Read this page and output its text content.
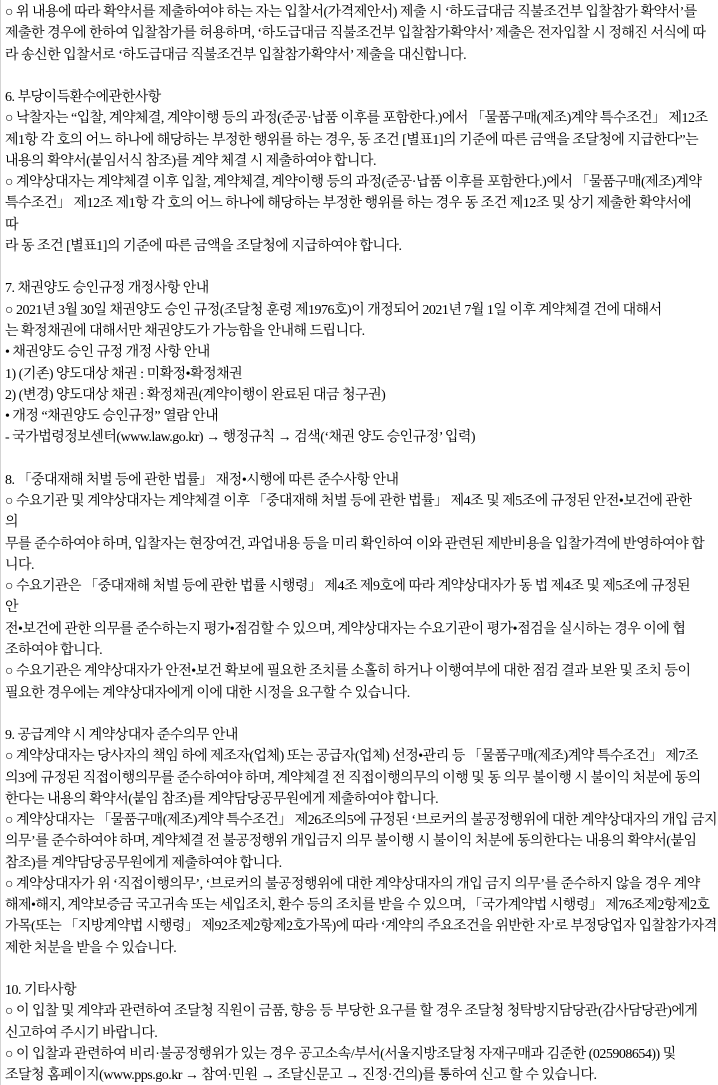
○ 위 내용에 따라 확약서를 제출하여야 하는 자는 입찰서(가격제안서) 제출 시 ‘하도급대금 직불조건부 입찰참가 확약서’를
제출한 경우에 한하여 입찰참가를 허용하며, ‘하도급대금 직불조건부 입찰참가확약서’ 제출은 전자입찰 시 정해진 서식에 따
라 송신한 입찰서로 ‘하도급대금 직불조건부 입찰참가확약서’ 제출을 대신합니다.
6. 부당이득환수에관한사항
○ 낙찰자는 “입찰, 계약체결, 계약이행 등의 과정(준공·납품 이후를 포함한다.)에서 「물품구매(제조)계약 특수조건」 제12조
제1항 각 호의 어느 하나에 해당하는 부정한 행위를 하는 경우, 동 조건 [별표1]의 기준에 따른 금액을 조달청에 지급한다”는
내용의 확약서(붙임서식 참조)를 계약 체결 시 제출하여야 합니다.
○ 계약상대자는 계약체결 이후 입찰, 계약체결, 계약이행 등의 과정(준공·납품 이후를 포함한다.)에서 「물품구매(제조)계약
특수조건」 제12조 제1항 각 호의 어느 하나에 해당하는 부정한 행위를 하는 경우 동 조건 제12조 및 상기 제출한 확약서에
따
라 동 조건 [별표1]의 기준에 따른 금액을 조달청에 지급하여야 합니다.
7. 채권양도 승인규정 개정사항 안내
○ 2021년 3월 30일 채권양도 승인 규정(조달청 훈령 제1976호)이 개정되어 2021년 7월 1일 이후 계약체결 건에 대해서
는 확정채권에 대해서만 채권양도가 가능함을 안내해 드립니다.
• 채권양도 승인 규정 개정 사항 안내
1) (기존) 양도대상 채권 : 미확정•확정채권
2) (변경) 양도대상 채권 : 확정채권(계약이행이 완료된 대금 청구권)
• 개정 “채권양도 승인규정” 열람 안내
- 국가법령정보센터(www.law.go.kr) → 행정규칙 → 검색(‘채권 양도 승인규정’ 입력)
8. 「중대재해 처벌 등에 관한 법률」 재정•시행에 따른 준수사항 안내
○ 수요기관 및 계약상대자는 계약체결 이후 「중대재해 처벌 등에 관한 법률」 제4조 및 제5조에 규정된 안전•보건에 관한
의
무를 준수하여야 하며, 입찰자는 현장여건, 과업내용 등을 미리 확인하여 이와 관련된 제반비용을 입찰가격에 반영하여야 합
니다.
○ 수요기관은 「중대재해 처벌 등에 관한 법률 시행령」 제4조 제9호에 따라 계약상대자가 동 법 제4조 및 제5조에 규정된
안
전•보건에 관한 의무를 준수하는지 평가•점검할 수 있으며, 계약상대자는 수요기관이 평가•점검을 실시하는 경우 이에 협
조하여야 합니다.
○ 수요기관은 계약상대자가 안전•보건 확보에 필요한 조치를 소홀히 하거나 이행여부에 대한 점검 결과 보완 및 조치 등이
필요한 경우에는 계약상대자에게 이에 대한 시정을 요구할 수 있습니다.
9. 공급계약 시 계약상대자 준수의무 안내
○ 계약상대자는 당사자의 책임 하에 제조자(업체) 또는 공급자(업체) 선정•관리 등 「물품구매(제조)계약 특수조건」 제7조
의3에 규정된 직접이행의무를 준수하여야 하며, 계약체결 전 직접이행의무의 이행 및 동 의무 불이행 시 불이익 처분에 동의
한다는 내용의 확약서(붙임 참조)를 계약담당공무원에게 제출하여야 합니다.
○ 계약상대자는 「물품구매(제조)계약 특수조건」 제26조의5에 규정된 ‘브로커의 불공정행위에 대한 계약상대자의 개입 금지
의무’를 준수하여야 하며, 계약체결 전 불공정행위 개입금지 의무 불이행 시 불이익 처분에 동의한다는 내용의 확약서(붙임
참조)를 계약담당공무원에게 제출하여야 합니다.
○ 계약상대자가 위 ‘직접이행의무’, ‘브로커의 불공정행위에 대한 계약상대자의 개입 금지 의무’를 준수하지 않을 경우 계약
해제•해지, 계약보증금 국고귀속 또는 세입조치, 환수 등의 조치를 받을 수 있으며, 「국가계약법 시행령」 제76조제2항제2호
가목(또는 「지방계약법 시행령」 제92조제2항제2호가목)에 따라 ‘계약의 주요조건을 위반한 자’로 부정당업자 입찰참가자격
제한 처분을 받을 수 있습니다.
10. 기타사항
○ 이 입찰 및 계약과 관련하여 조달청 직원이 금품, 향응 등 부당한 요구를 할 경우 조달청 청탁방지담당관(감사담당관)에게
신고하여 주시기 바랍니다.
○ 이 입찰과 관련하여 비리·불공정행위가 있는 경우 공고소속/부서(서울지방조달청 자재구매과 김준한 (025908654)) 및
조달청 홈페이지(www.pps.go.kr → 참여·민원 → 조달신문고 → 진정·건의)를 통하여 신고 할 수 있습니다.
